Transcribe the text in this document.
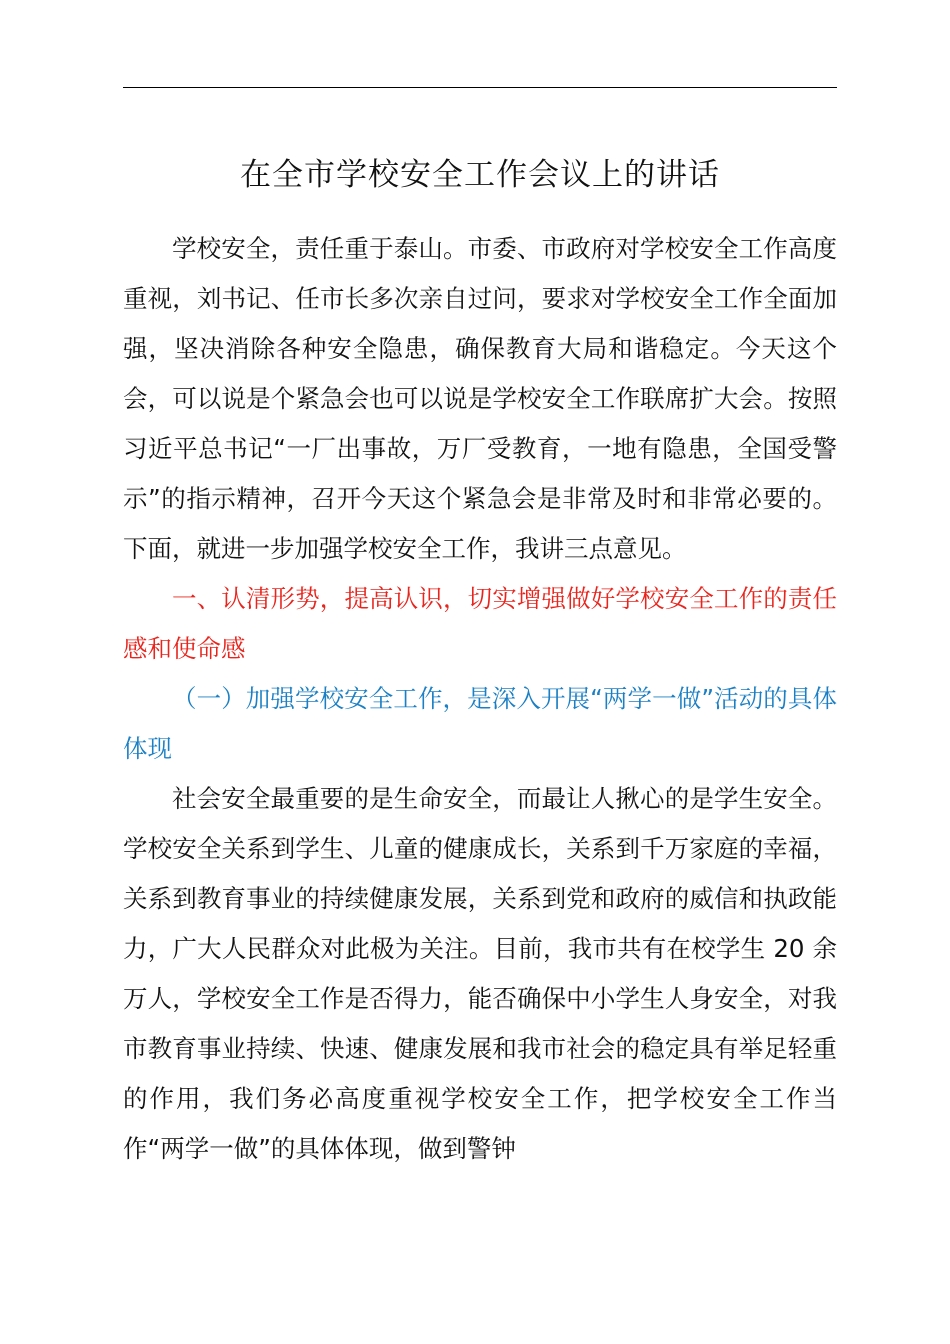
在全市学校安全工作会议上的讲话

学校安全，责任重于泰山。市委、市政府对学校安全工作高度重视，刘书记、任市长多次亲自过问，要求对学校安全工作全面加强，坚决消除各种安全隐患，确保教育大局和谐稳定。今天这个会，可以说是个紧急会也可以说是学校安全工作联席扩大会。按照习近平总书记“一厂出事故，万厂受教育，一地有隐患，全国受警示”的指示精神，召开今天这个紧急会是非常及时和非常必要的。下面，就进一步加强学校安全工作，我讲三点意见。

一、认清形势，提高认识，切实增强做好学校安全工作的责任感和使命感

（一）加强学校安全工作，是深入开展“两学一做”活动的具体体现

社会安全最重要的是生命安全，而最让人揪心的是学生安全。学校安全关系到学生、儿童的健康成长，关系到千万家庭的幸福，关系到教育事业的持续健康发展，关系到党和政府的威信和执政能力，广大人民群众对此极为关注。目前，我市共有在校学生 20 余万人，学校安全工作是否得力，能否确保中小学生人身安全，对我市教育事业持续、快速、健康发展和我市社会的稳定具有举足轻重的作用，我们务必高度重视学校安全工作，把学校安全工作当作“两学一做”的具体体现，做到警钟
